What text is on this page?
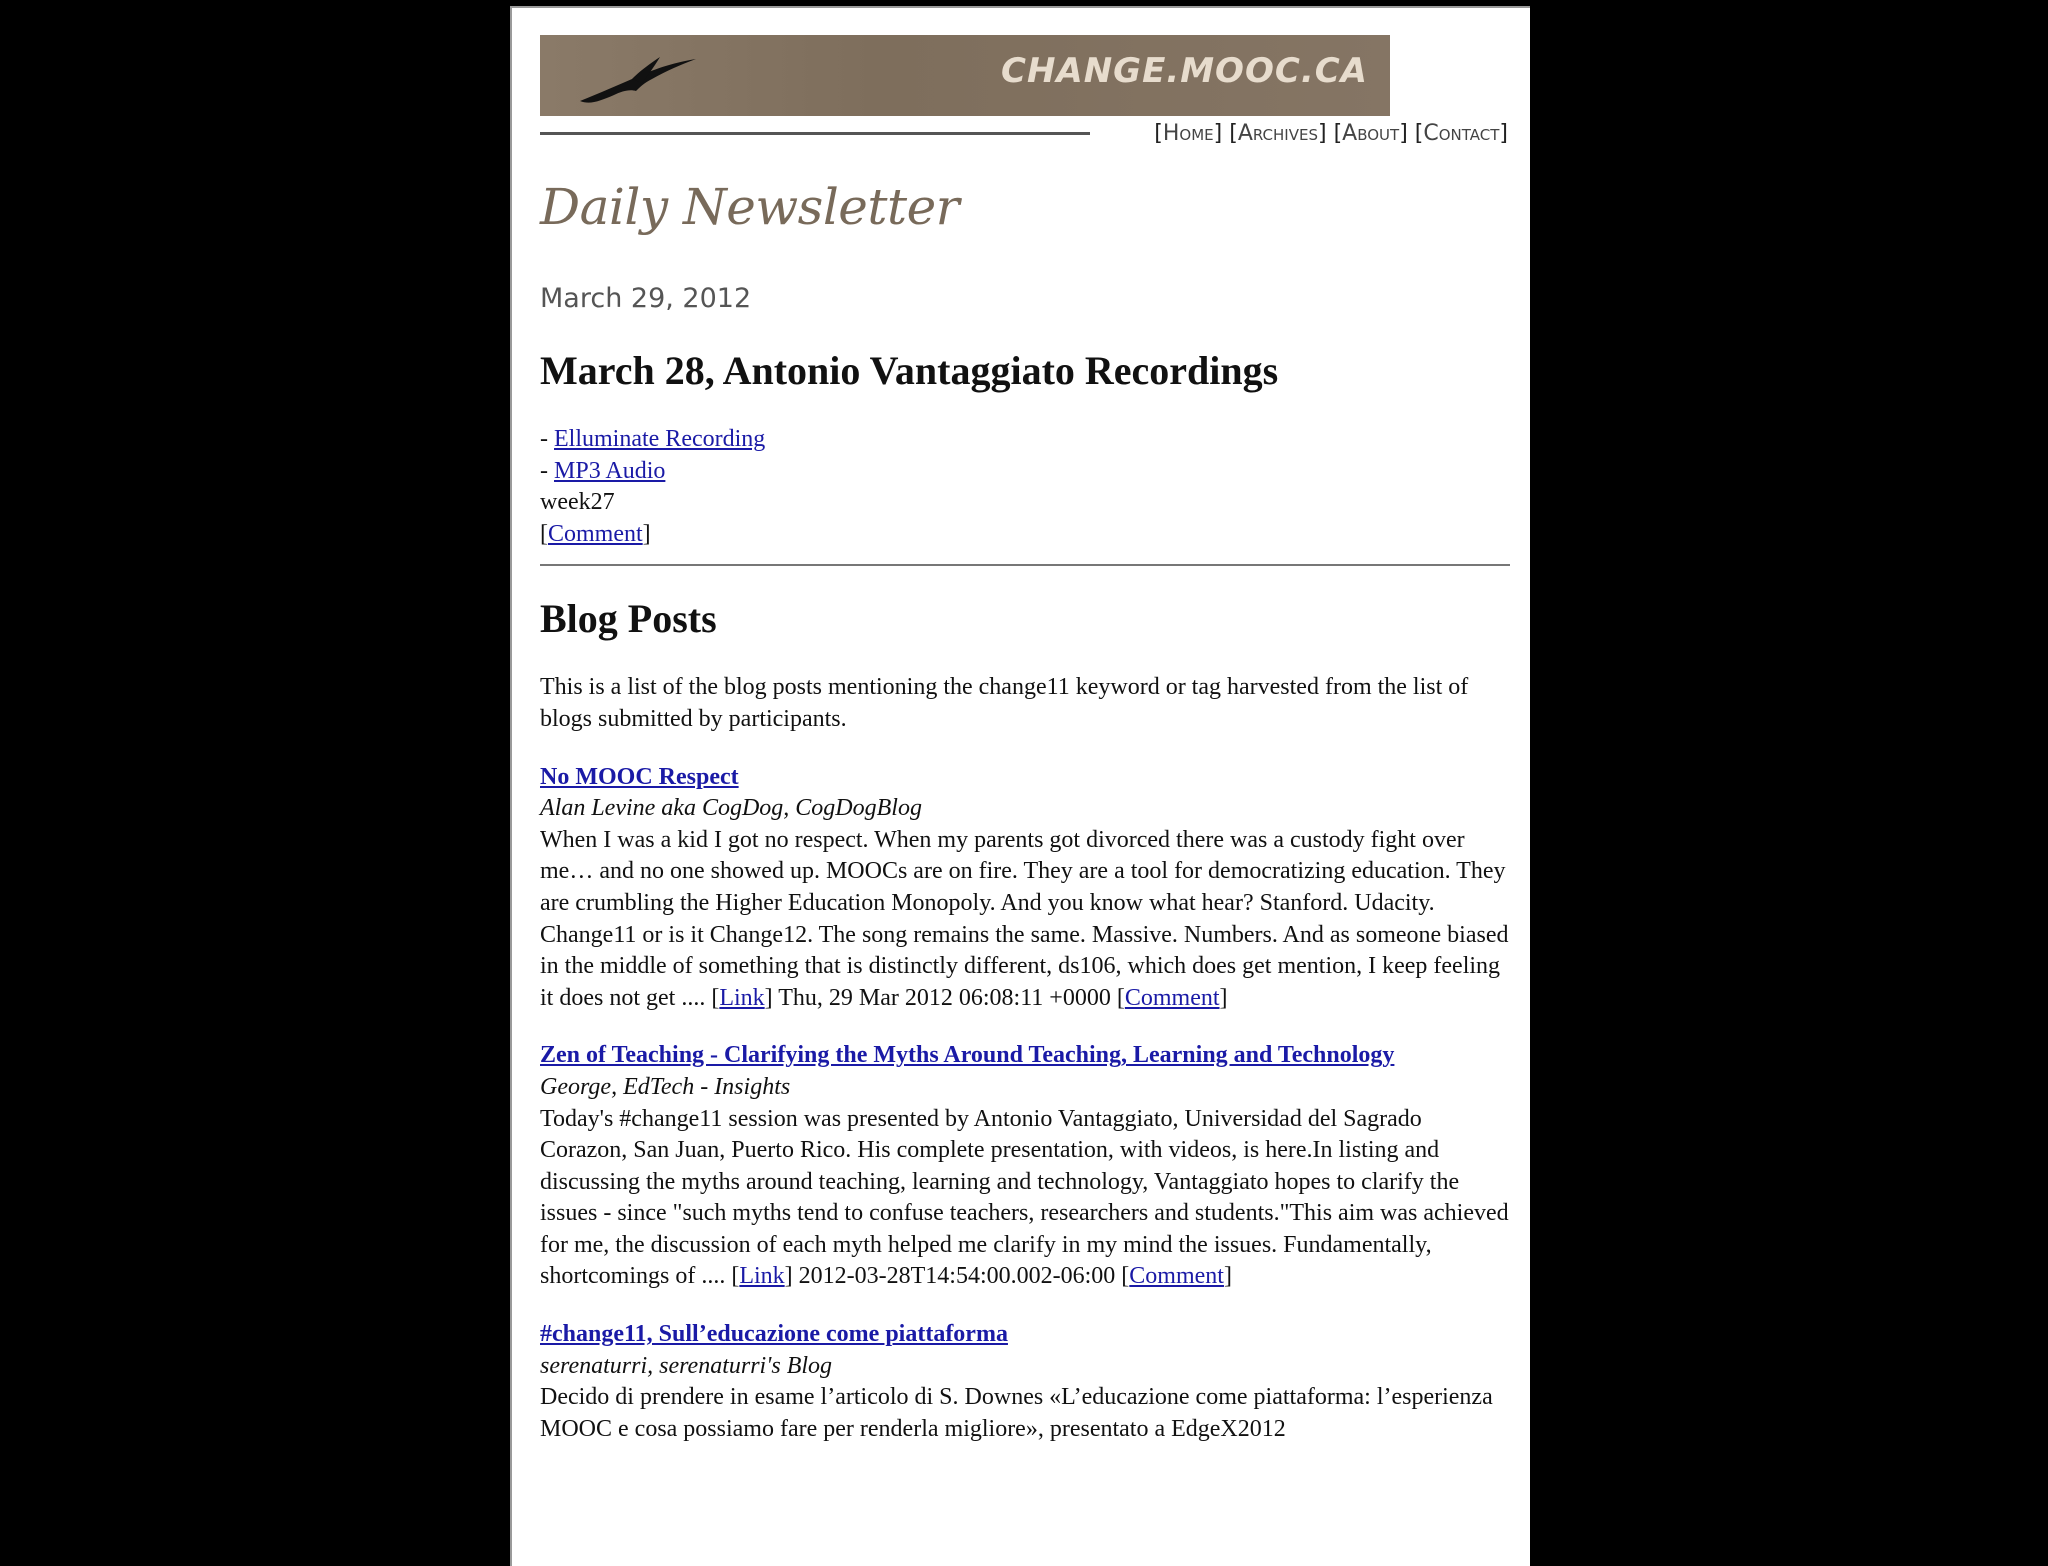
CHANGE.MOOC.CA
[Home] [Archives] [About] [Contact]
Daily Newsletter
March 29, 2012
March 28, Antonio Vantaggiato Recordings
- Elluminate Recording
- MP3 Audio
week27
[Comment]
Blog Posts

This is a list of the blog posts mentioning the change11 keyword or tag harvested from the list of blogs submitted by participants.

No MOOC Respect
Alan Levine aka CogDog, CogDogBlog
When I was a kid I got no respect. When my parents got divorced there was a custody fight over me… and no one showed up. MOOCs are on fire. They are a tool for democratizing education. They are crumbling the Higher Education Monopoly. And you know what hear? Stanford. Udacity. Change11 or is it Change12. The song remains the same. Massive. Numbers. And as someone biased in the middle of something that is distinctly different, ds106, which does get mention, I keep feeling it does not get .... [Link] Thu, 29 Mar 2012 06:08:11 +0000 [Comment]
Zen of Teaching - Clarifying the Myths Around Teaching, Learning and Technology
George, EdTech - Insights
Today's #change11 session was presented by Antonio Vantaggiato, Universidad del Sagrado Corazon, San Juan, Puerto Rico. His complete presentation, with videos, is here.In listing and discussing the myths around teaching, learning and technology, Vantaggiato hopes to clarify the issues - since "such myths tend to confuse teachers, researchers and students."This aim was achieved for me, the discussion of each myth helped me clarify in my mind the issues. Fundamentally, shortcomings of .... [Link] 2012-03-28T14:54:00.002-06:00 [Comment]
#change11, Sull’educazione come piattaforma
serenaturri, serenaturri's Blog
Decido di prendere in esame l’articolo di S. Downes «L’educazione come piattaforma: l’esperienza MOOC e cosa possiamo fare per renderla migliore», presentato a EdgeX2012
